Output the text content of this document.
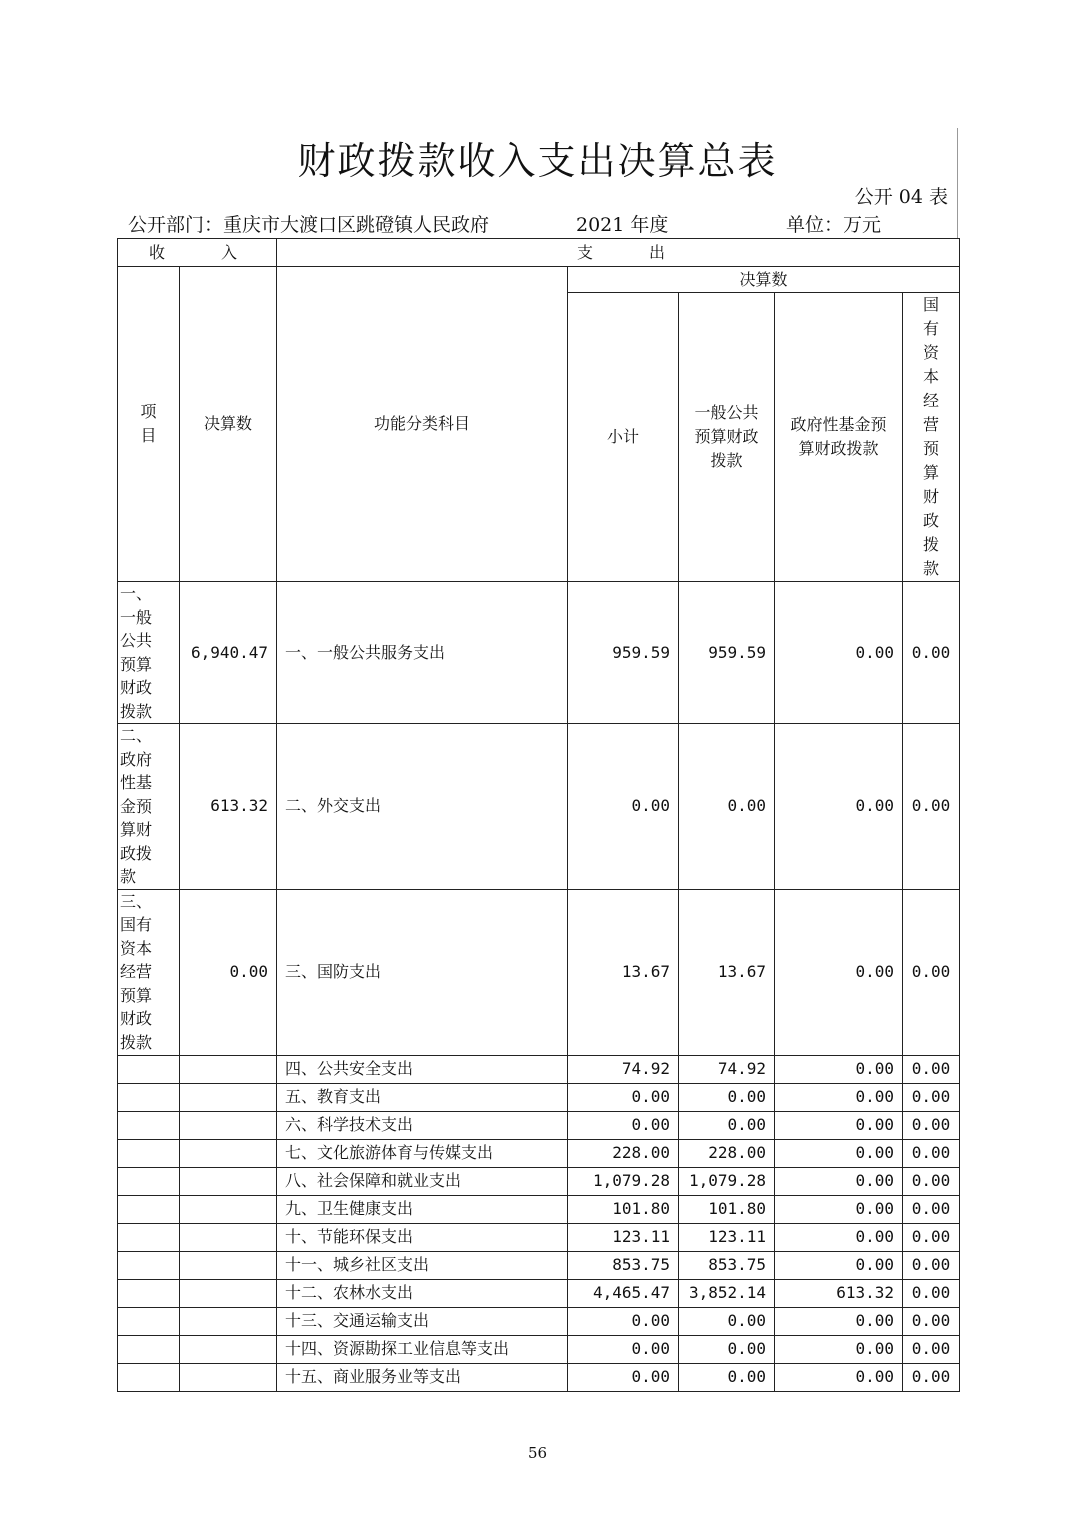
财政拨款收入支出决算总表
公开 04 表
公开部门：重庆市大渡口区跳磴镇人民政府	2021 年度	单位：万元
收　　入		支　　出				

项目	决算数	功能分类科目	决算数			
			小计	一般公共预算财政拨款	政府性基金预算财政拨款	国有资本经营预算财政拨款

一、一般公共预算财政拨款	6,940.47	一、一般公共服务支出	959.59	959.59	0.00	0.00

二、政府性基金预算财政拨款	613.32	二、外交支出	0.00	0.00	0.00	0.00

三、国有资本经营预算财政拨款	0.00	三、国防支出	13.67	13.67	0.00	0.00
		四、公共安全支出	74.92	74.92	0.00	0.00
		五、教育支出	0.00	0.00	0.00	0.00
		六、科学技术支出	0.00	0.00	0.00	0.00
		七、文化旅游体育与传媒支出	228.00	228.00	0.00	0.00
		八、社会保障和就业支出	1,079.28	1,079.28	0.00	0.00
		九、卫生健康支出	101.80	101.80	0.00	0.00
		十、节能环保支出	123.11	123.11	0.00	0.00
		十一、城乡社区支出	853.75	853.75	0.00	0.00
		十二、农林水支出	4,465.47	3,852.14	613.32	0.00
		十三、交通运输支出	0.00	0.00	0.00	0.00
		十四、资源勘探工业信息等支出	0.00	0.00	0.00	0.00
		十五、商业服务业等支出	0.00	0.00	0.00	0.00
56
